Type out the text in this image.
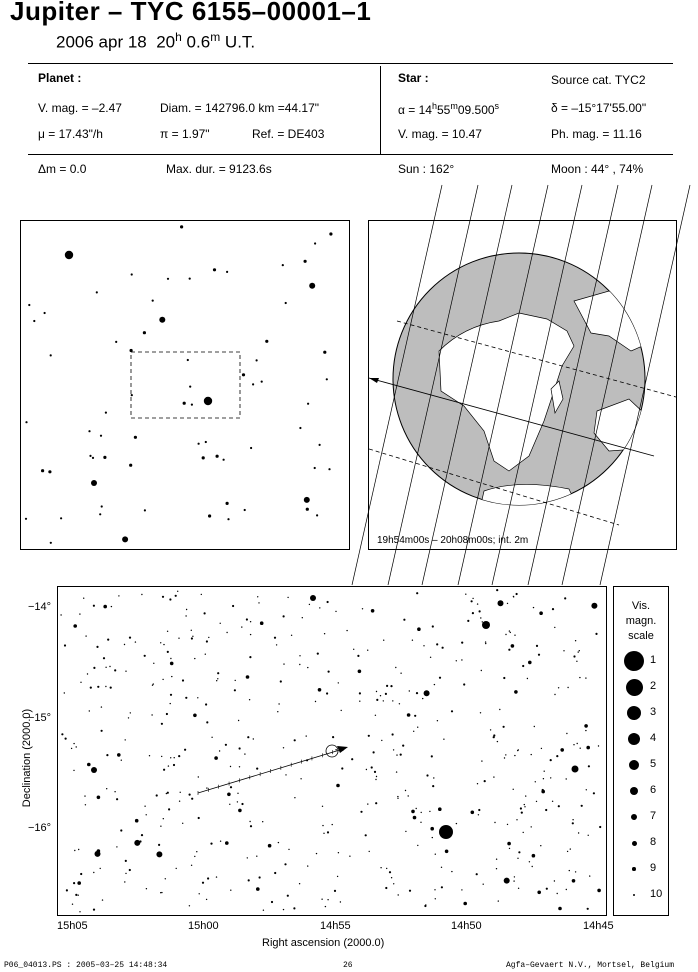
Jupiter – TYC 6155–00001–1
2006 apr 18 20$^h$ 0.6$^m$ U.T.
Planet :
V. mag. = –2.47	Diam. = 142796.0 km =44.17"
μ = 17.43"/h	π = 1.97"	Ref. = DE403
Star :	Source cat. TYC2
$\alpha = 14^h55^m09.500^s$	δ = –15°17'55.00"
V. mag. = 10.47	Ph. mag. = 11.16
Δm = 0.0	Max. dur. = 9123.6s	Sun : 162°	Moon : 44° , 74%
19h54m00s – 20h08m00s; int. 2m
−14°
−15°
−16°
Declination (2000.0)
15h05	15h00	14h55	14h50	14h45
Right ascension (2000.0)
Vis.
magn.
scale
1
2
3
4
5
6
7
8
9
10
P06_04013.PS : 2005–03–25 14:48:34	26	Agfa–Gevaert N.V., Mortsel, Belgium
